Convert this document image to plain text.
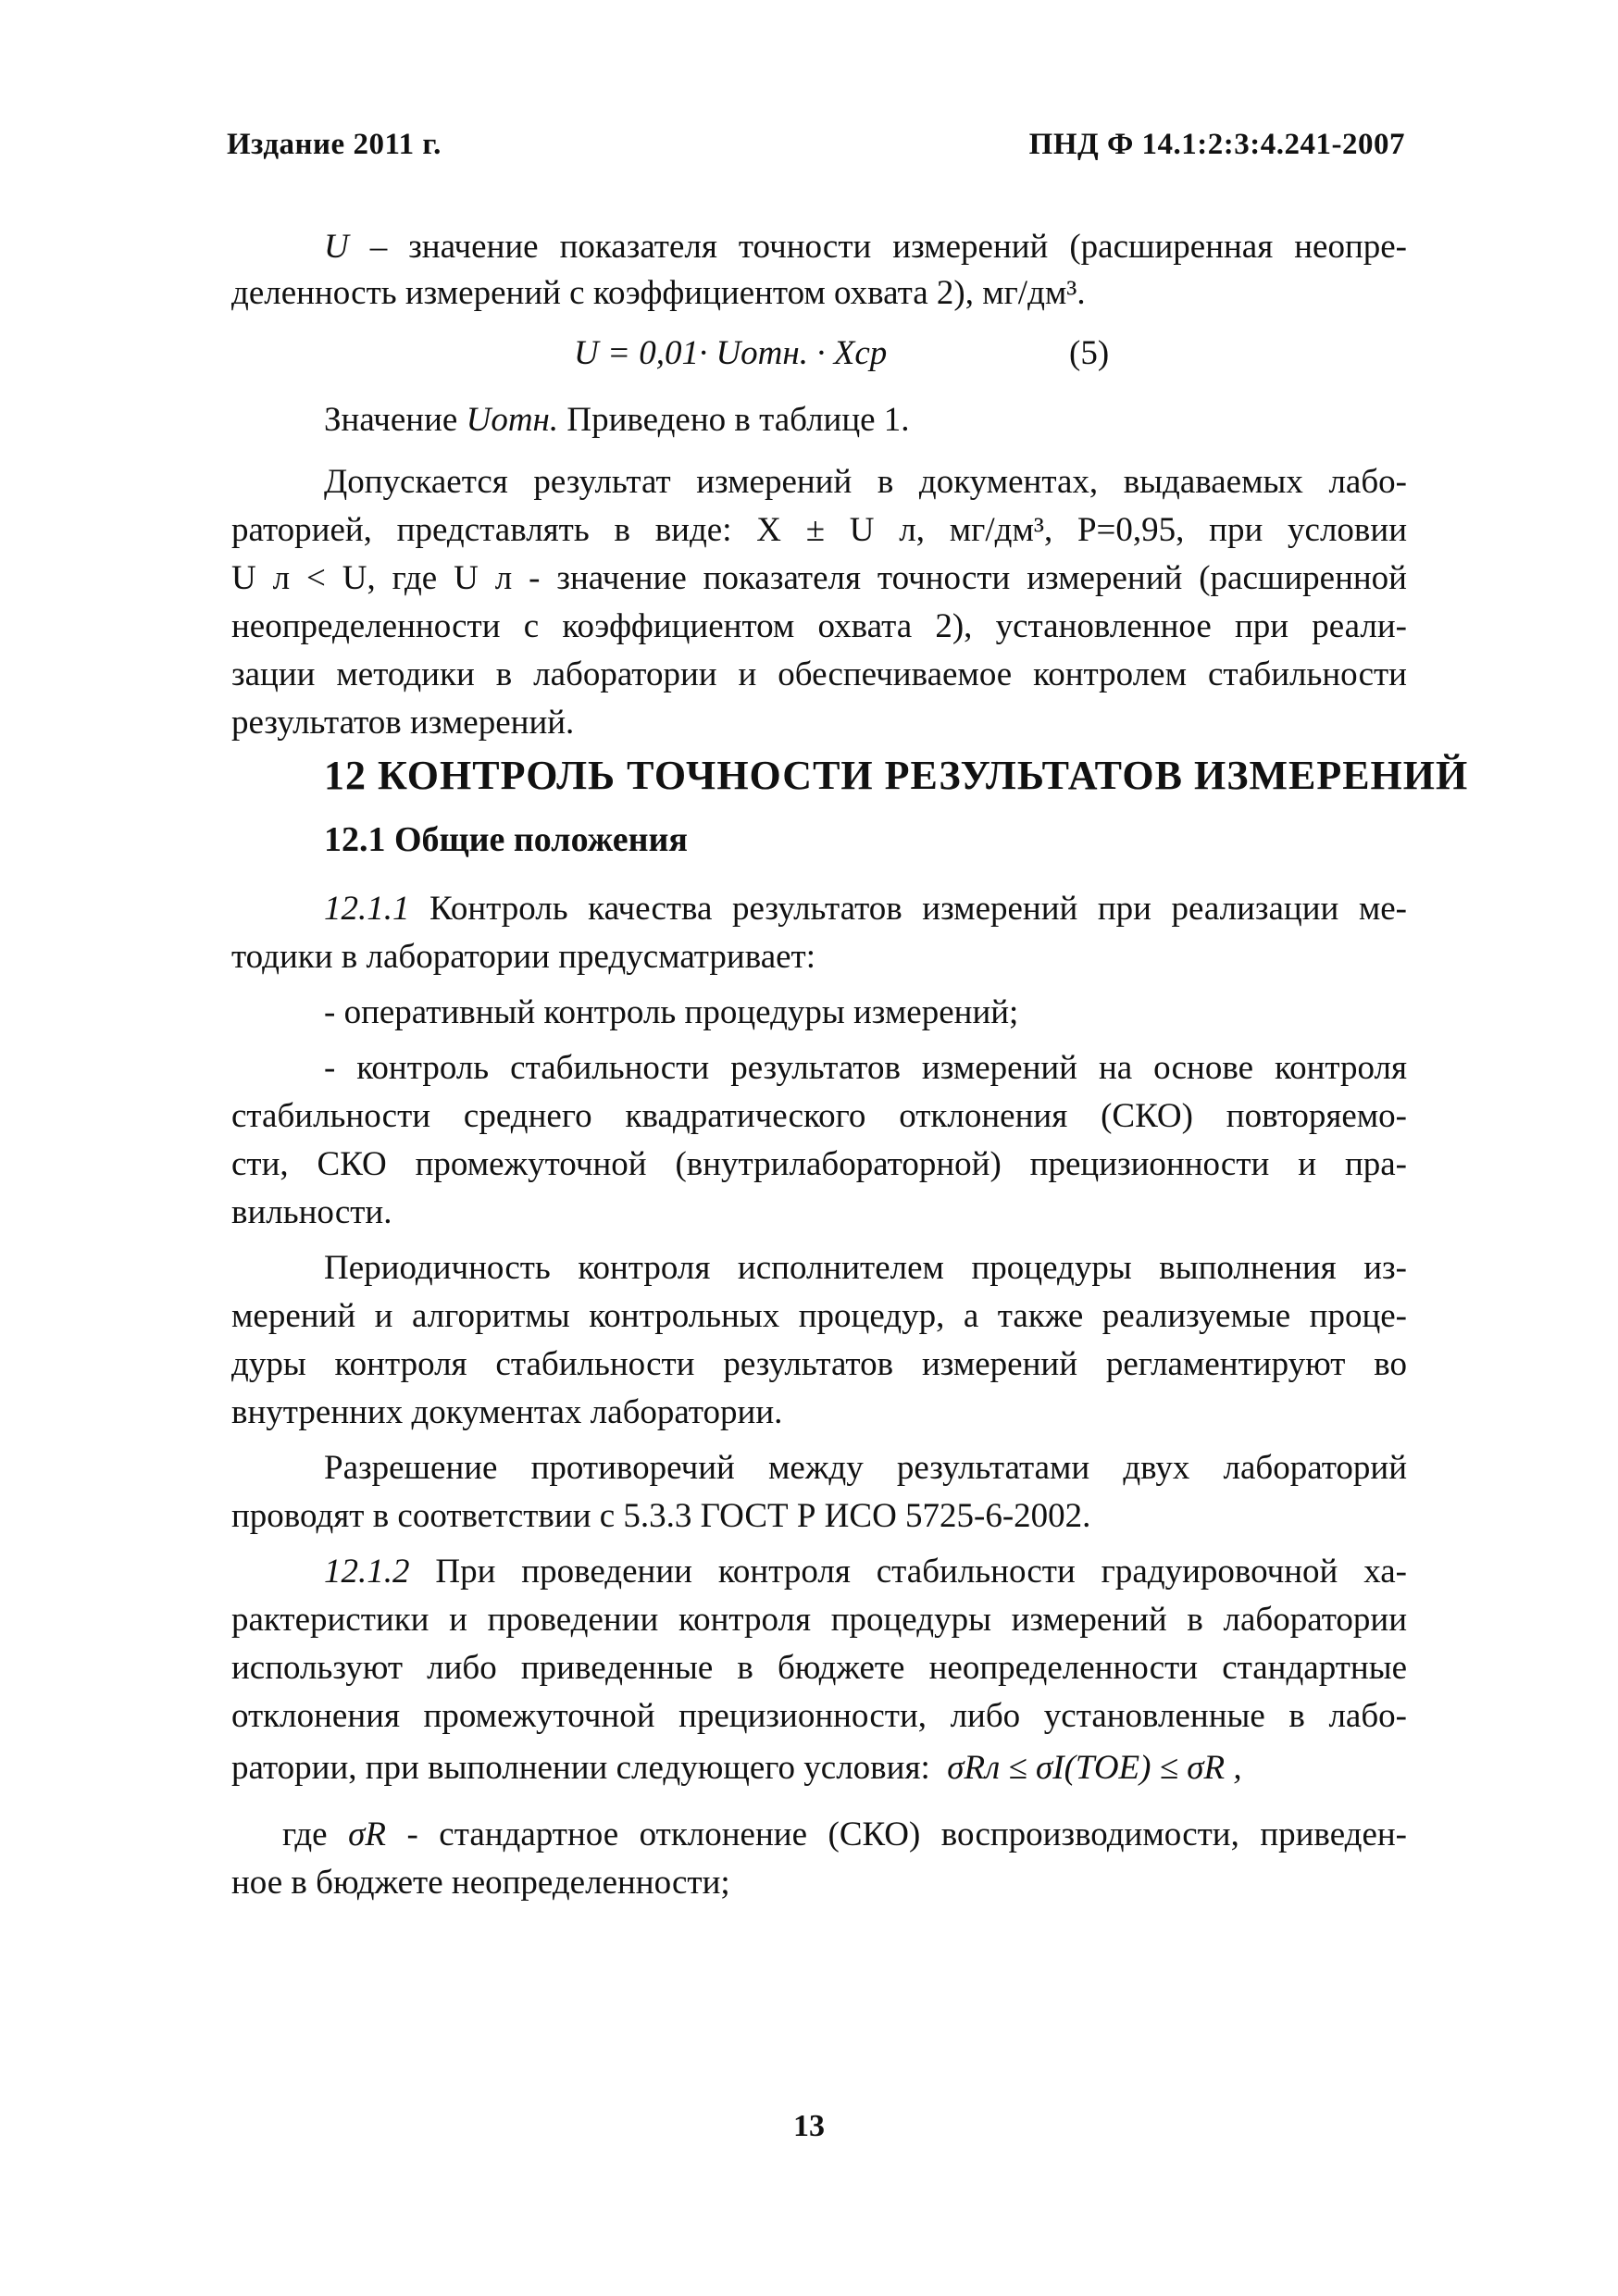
Издание 2011 г.	ПНД Ф 14.1:2:3:4.241-2007
U – значение показателя точности измерений (расширенная неопре-
деленность измерений с коэффициентом охвата 2), мг/дм³.
U = 0,01· Uотн. · Xср	(5)
Значение Uотн. Приведено в таблице 1.
Допускается результат измерений в документах, выдаваемых лабо-
раторией, представлять в виде: X ± U л, мг/дм³, Р=0,95, при условии
U л < U, где U л - значение показателя точности измерений (расширенной
неопределенности с коэффициентом охвата 2), установленное при реали-
зации методики в лаборатории и обеспечиваемое контролем стабильности
результатов измерений.
12 КОНТРОЛЬ ТОЧНОСТИ РЕЗУЛЬТАТОВ ИЗМЕРЕНИЙ
12.1 Общие положения
12.1.1 Контроль качества результатов измерений при реализации ме-
тодики в лаборатории предусматривает:
- оперативный контроль процедуры измерений;
- контроль стабильности результатов измерений на основе контроля
стабильности среднего квадратического отклонения (СКО) повторяемо-
сти, СКО промежуточной (внутрилабораторной) прецизионности и пра-
вильности.
Периодичность контроля исполнителем процедуры выполнения из-
мерений и алгоритмы контрольных процедур, а также реализуемые проце-
дуры контроля стабильности результатов измерений регламентируют во
внутренних документах лаборатории.
Разрешение противоречий между результатами двух лабораторий
проводят в соответствии с 5.3.3 ГОСТ Р ИСО 5725-6-2002.
12.1.2 При проведении контроля стабильности градуировочной ха-
рактеристики и проведении контроля процедуры измерений в лаборатории
используют либо приведенные в бюджете неопределенности стандартные
отклонения промежуточной прецизионности, либо установленные в лабо-
ратории, при выполнении следующего условия: σRл ≤ σI(TOE) ≤ σR ,
где σR - стандартное отклонение (СКО) воспроизводимости, приведен-
ное в бюджете неопределенности;
13
